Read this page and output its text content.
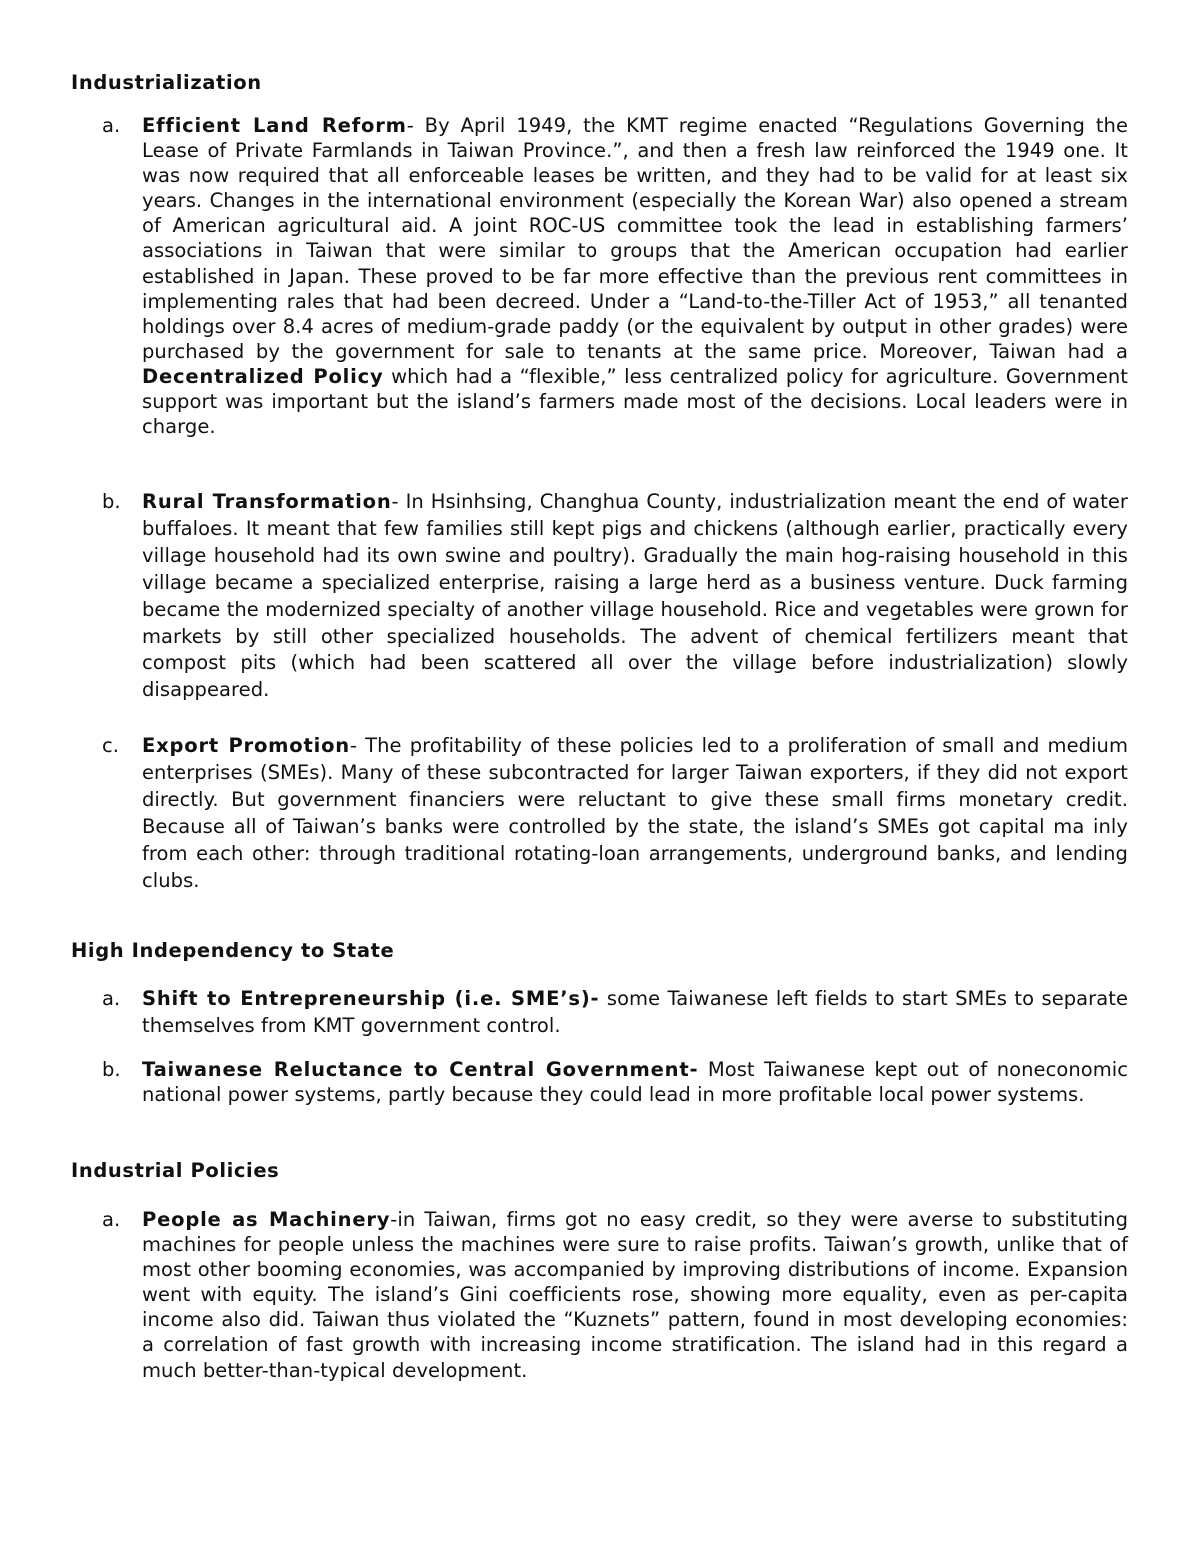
Industrialization
a. Efficient Land Reform- By April 1949, the KMT regime enacted “Regulations Governing the Lease of Private Farmlands in Taiwan Province.”, and then a fresh law reinforced the 1949 one. It was now required that all enforceable leases be written, and they had to be valid for at least six years. Changes in the international environment (especially the Korean War) also opened a stream of American agricultural aid. A joint ROC-US committee took the lead in establishing farmers’ associations in Taiwan that were similar to groups that the American occupation had earlier established in Japan. These proved to be far more effective than the previous rent committees in implementing rales that had been decreed. Under a “Land-to-the-Tiller Act of 1953,” all tenanted holdings over 8.4 acres of medium-grade paddy (or the equivalent by output in other grades) were purchased by the government for sale to tenants at the same price. Moreover, Taiwan had a Decentralized Policy which had a “flexible,” less centralized policy for agriculture. Government support was important but the island’s farmers made most of the decisions. Local leaders were in charge.
b. Rural Transformation- In Hsinhsing, Changhua County, industrialization meant the end of water buffaloes. It meant that few families still kept pigs and chickens (although earlier, practically every village household had its own swine and poultry). Gradually the main hog-raising household in this village became a specialized enterprise, raising a large herd as a business venture. Duck farming became the modernized specialty of another village household. Rice and vegetables were grown for markets by still other specialized households. The advent of chemical fertilizers meant that compost pits (which had been scattered all over the village before industrialization) slowly disappeared.
c. Export Promotion- The profitability of these policies led to a proliferation of small and medium enterprises (SMEs). Many of these subcontracted for larger Taiwan exporters, if they did not export directly. But government financiers were reluctant to give these small firms monetary credit. Because all of Taiwan’s banks were controlled by the state, the island’s SMEs got capital ma inly from each other: through traditional rotating-loan arrangements, underground banks, and lending clubs.
High Independency to State
a. Shift to Entrepreneurship (i.e. SME’s)- some Taiwanese left fields to start SMEs to separate themselves from KMT government control.
b. Taiwanese Reluctance to Central Government- Most Taiwanese kept out of noneconomic national power systems, partly because they could lead in more profitable local power systems.
Industrial Policies
a. People as Machinery-in Taiwan, firms got no easy credit, so they were averse to substituting machines for people unless the machines were sure to raise profits. Taiwan’s growth, unlike that of most other booming economies, was accompanied by improving distributions of income. Expansion went with equity. The island’s Gini coefficients rose, showing more equality, even as per-capita income also did. Taiwan thus violated the “Kuznets” pattern, found in most developing economies: a correlation of fast growth with increasing income stratification. The island had in this regard a much better-than-typical development.
